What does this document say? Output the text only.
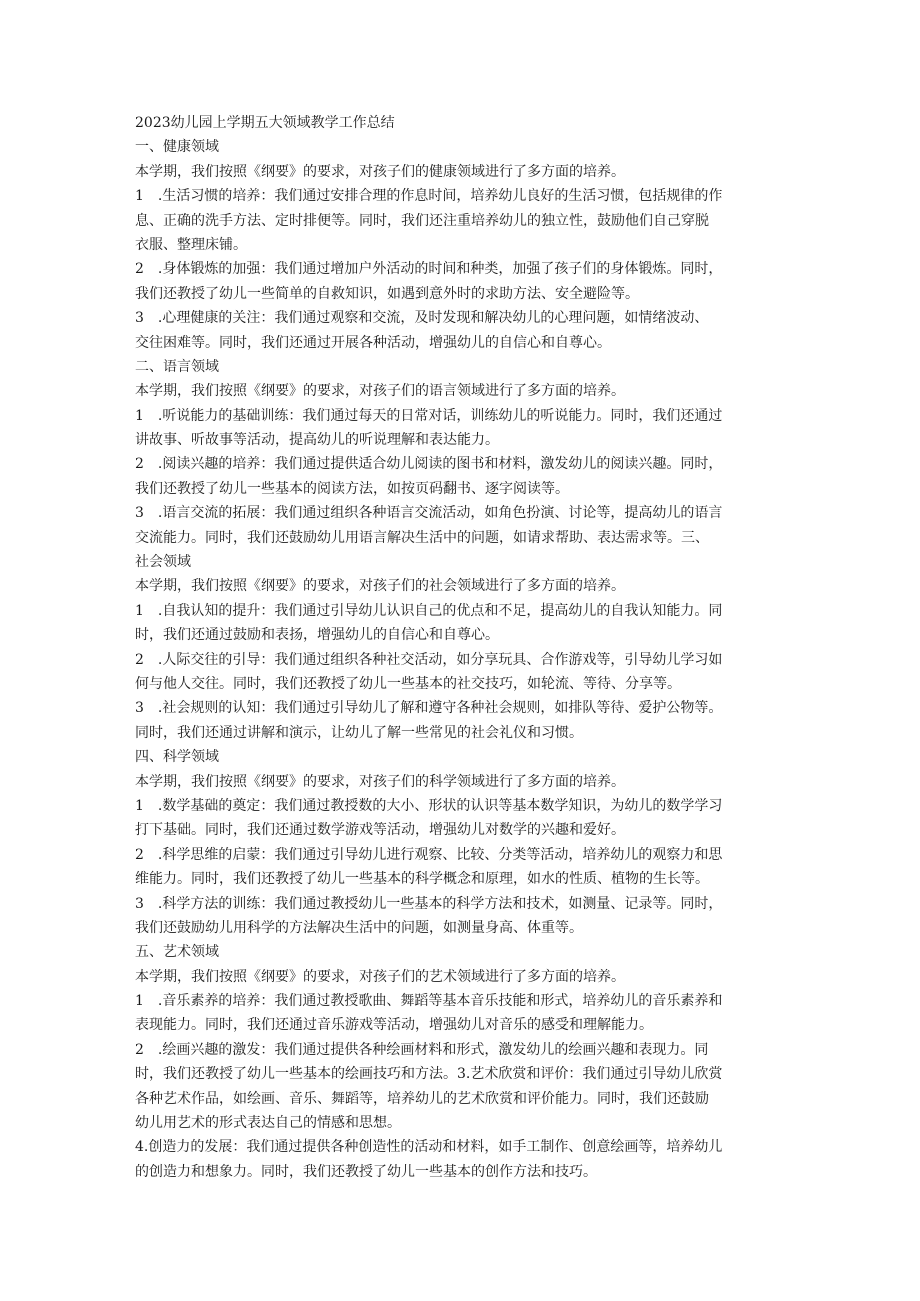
2023幼儿园上学期五大领域教学工作总结
一、健康领域
本学期，我们按照《纲要》的要求，对孩子们的健康领域进行了多方面的培养。
1　.生活习惯的培养：我们通过安排合理的作息时间，培养幼儿良好的生活习惯，包括规律的作
息、正确的洗手方法、定时排便等。同时，我们还注重培养幼儿的独立性，鼓励他们自己穿脱
衣服、整理床铺。
2　.身体锻炼的加强：我们通过增加户外活动的时间和种类，加强了孩子们的身体锻炼。同时，
我们还教授了幼儿一些简单的自救知识，如遇到意外时的求助方法、安全避险等。
3　.心理健康的关注：我们通过观察和交流，及时发现和解决幼儿的心理问题，如情绪波动、
交往困难等。同时，我们还通过开展各种活动，增强幼儿的自信心和自尊心。
二、语言领域
本学期，我们按照《纲要》的要求，对孩子们的语言领域进行了多方面的培养。
1　.听说能力的基础训练：我们通过每天的日常对话，训练幼儿的听说能力。同时，我们还通过
讲故事、听故事等活动，提高幼儿的听说理解和表达能力。
2　.阅读兴趣的培养：我们通过提供适合幼儿阅读的图书和材料，激发幼儿的阅读兴趣。同时，
我们还教授了幼儿一些基本的阅读方法，如按页码翻书、逐字阅读等。
3　.语言交流的拓展：我们通过组织各种语言交流活动，如角色扮演、讨论等，提高幼儿的语言
交流能力。同时，我们还鼓励幼儿用语言解决生活中的问题，如请求帮助、表达需求等。三、
社会领域
本学期，我们按照《纲要》的要求，对孩子们的社会领域进行了多方面的培养。
1　.自我认知的提升：我们通过引导幼儿认识自己的优点和不足，提高幼儿的自我认知能力。同
时，我们还通过鼓励和表扬，增强幼儿的自信心和自尊心。
2　.人际交往的引导：我们通过组织各种社交活动，如分享玩具、合作游戏等，引导幼儿学习如
何与他人交往。同时，我们还教授了幼儿一些基本的社交技巧，如轮流、等待、分享等。
3　.社会规则的认知：我们通过引导幼儿了解和遵守各种社会规则，如排队等待、爱护公物等。
同时，我们还通过讲解和演示，让幼儿了解一些常见的社会礼仪和习惯。
四、科学领域
本学期，我们按照《纲要》的要求，对孩子们的科学领域进行了多方面的培养。
1　.数学基础的奠定：我们通过教授数的大小、形状的认识等基本数学知识，为幼儿的数学学习
打下基础。同时，我们还通过数学游戏等活动，增强幼儿对数学的兴趣和爱好。
2　.科学思维的启蒙：我们通过引导幼儿进行观察、比较、分类等活动，培养幼儿的观察力和思
维能力。同时，我们还教授了幼儿一些基本的科学概念和原理，如水的性质、植物的生长等。
3　.科学方法的训练：我们通过教授幼儿一些基本的科学方法和技术，如测量、记录等。同时，
我们还鼓励幼儿用科学的方法解决生活中的问题，如测量身高、体重等。
五、艺术领域
本学期，我们按照《纲要》的要求，对孩子们的艺术领域进行了多方面的培养。
1　.音乐素养的培养：我们通过教授歌曲、舞蹈等基本音乐技能和形式，培养幼儿的音乐素养和
表现能力。同时，我们还通过音乐游戏等活动，增强幼儿对音乐的感受和理解能力。
2　.绘画兴趣的激发：我们通过提供各种绘画材料和形式，激发幼儿的绘画兴趣和表现力。同
时，我们还教授了幼儿一些基本的绘画技巧和方法。3.艺术欣赏和评价：我们通过引导幼儿欣赏
各种艺术作品，如绘画、音乐、舞蹈等，培养幼儿的艺术欣赏和评价能力。同时，我们还鼓励
幼儿用艺术的形式表达自己的情感和思想。
4.创造力的发展：我们通过提供各种创造性的活动和材料，如手工制作、创意绘画等，培养幼儿
的创造力和想象力。同时，我们还教授了幼儿一些基本的创作方法和技巧。
